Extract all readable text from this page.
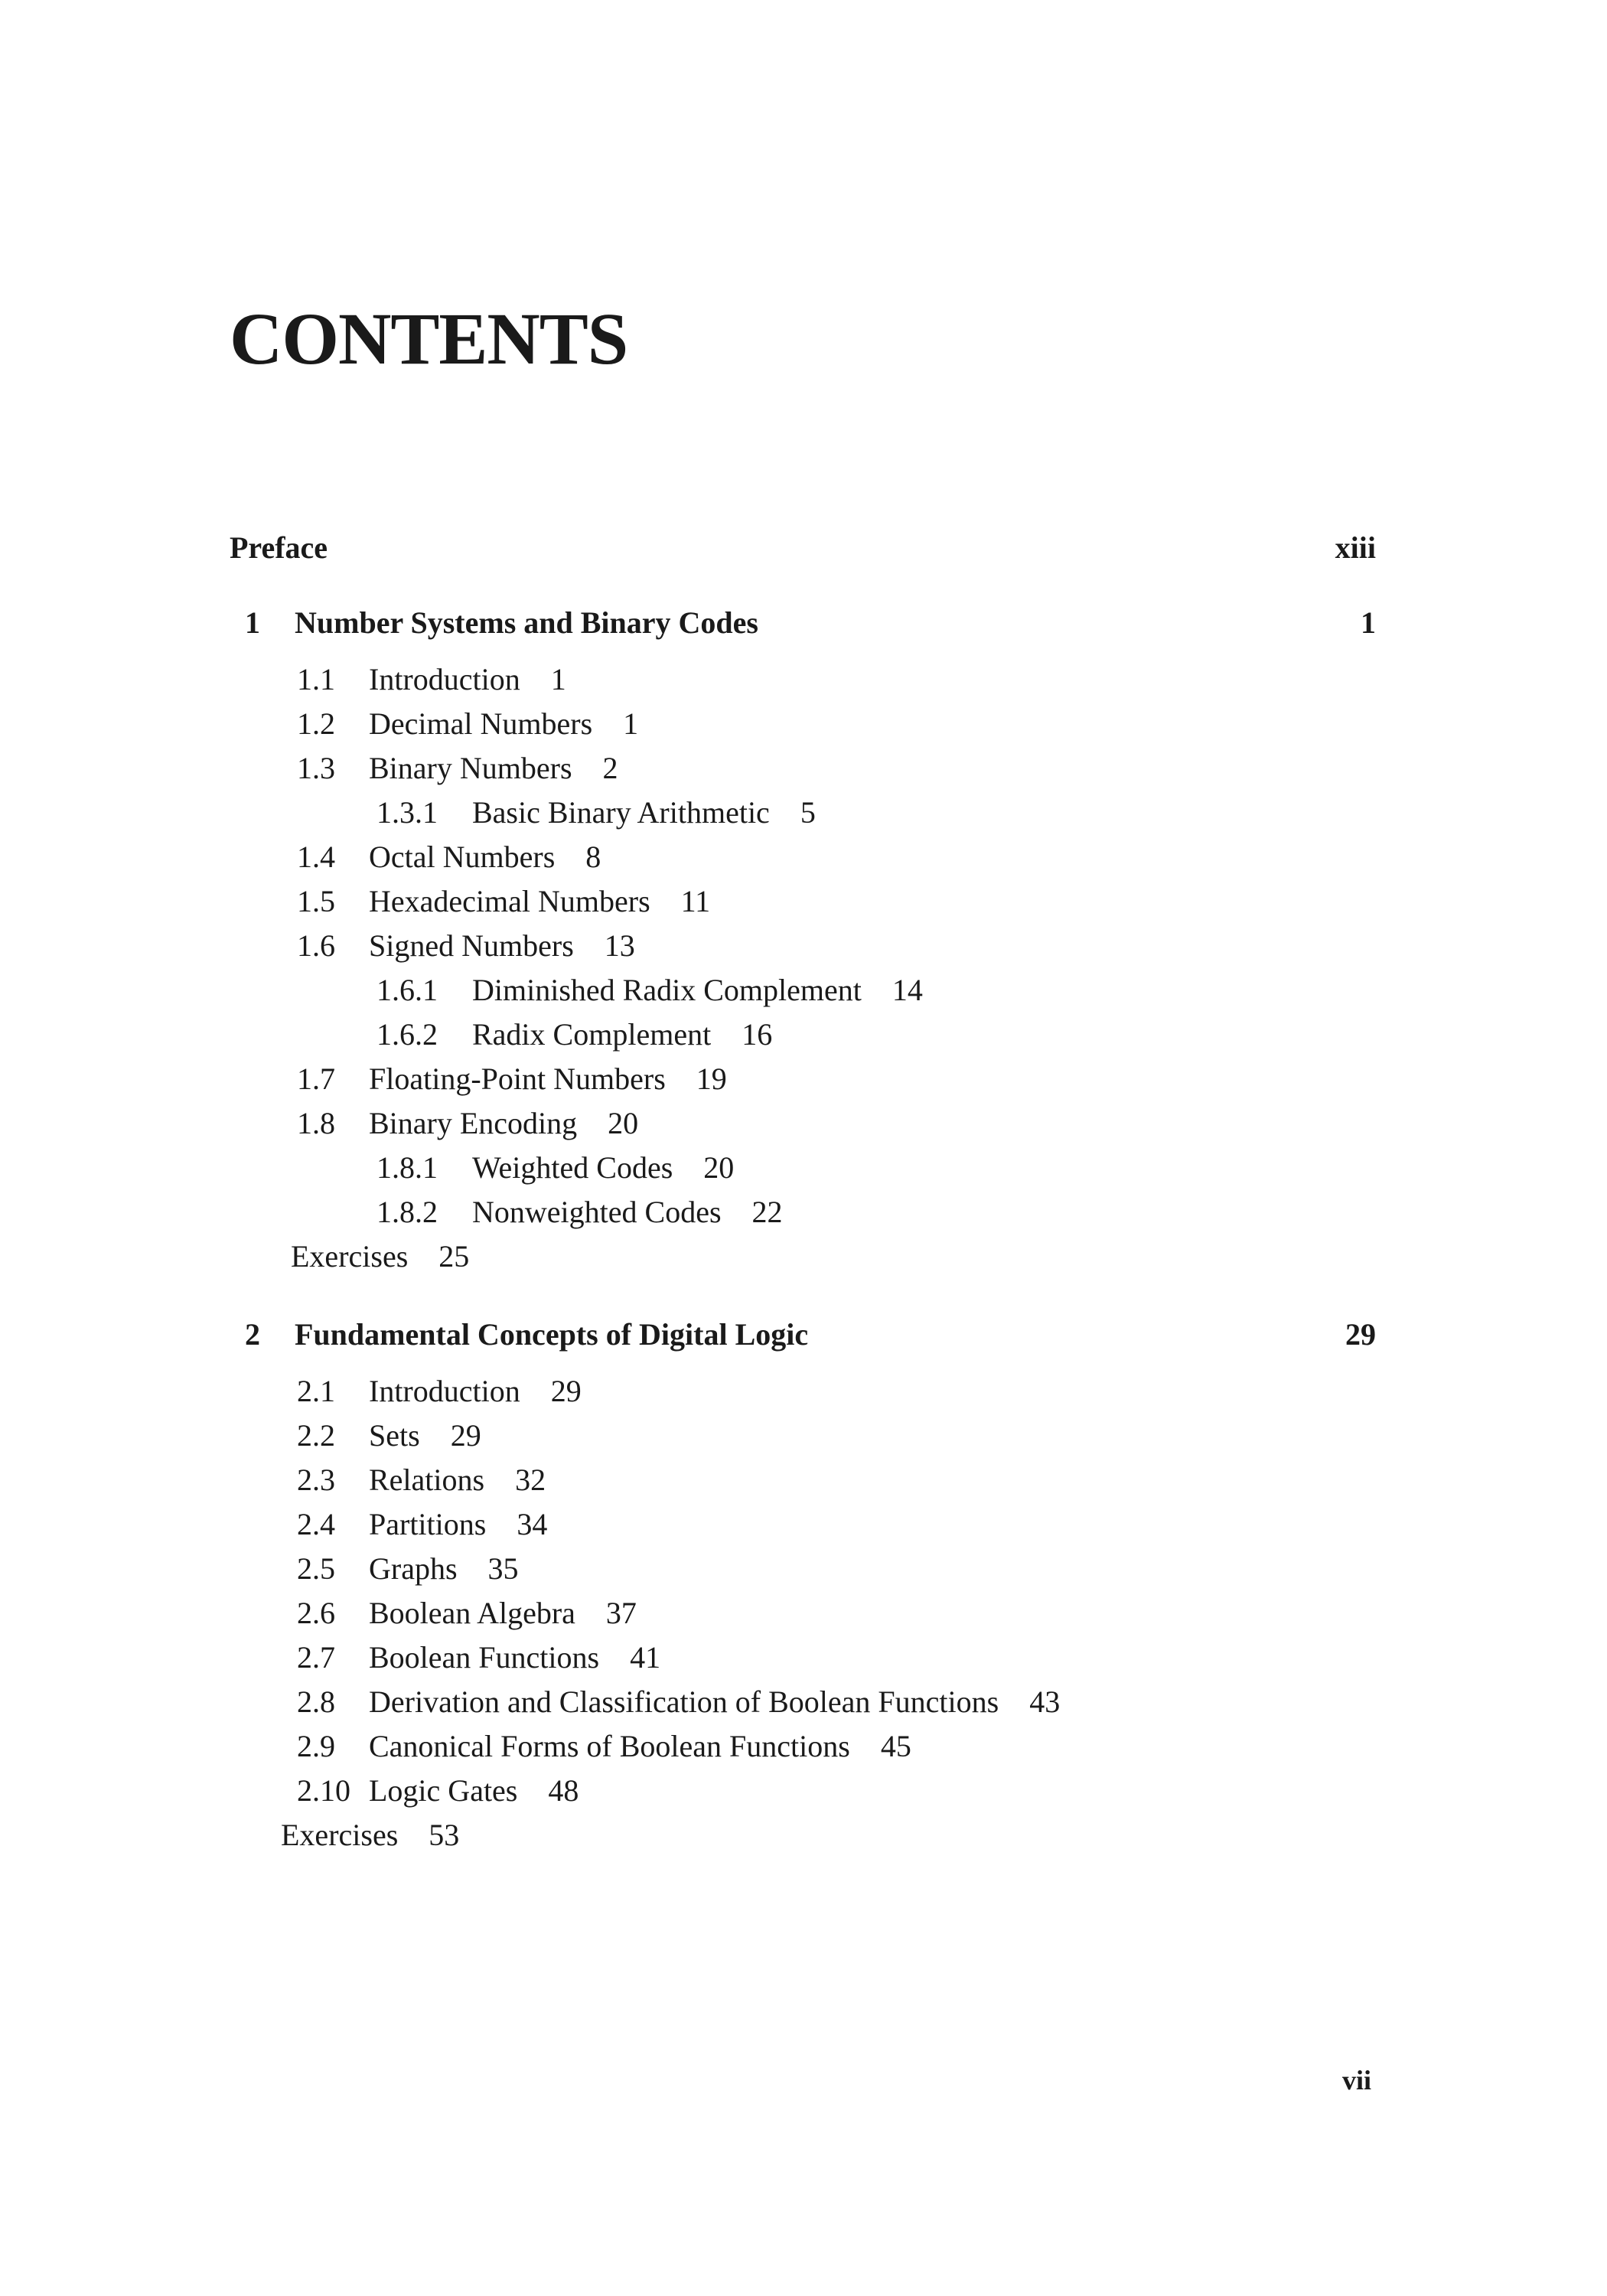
CONTENTS
Preface	xiii
1 Number Systems and Binary Codes	1
1.1 Introduction 1
1.2 Decimal Numbers 1
1.3 Binary Numbers 2
1.3.1 Basic Binary Arithmetic 5
1.4 Octal Numbers 8
1.5 Hexadecimal Numbers 11
1.6 Signed Numbers 13
1.6.1 Diminished Radix Complement 14
1.6.2 Radix Complement 16
1.7 Floating-Point Numbers 19
1.8 Binary Encoding 20
1.8.1 Weighted Codes 20
1.8.2 Nonweighted Codes 22
Exercises 25
2 Fundamental Concepts of Digital Logic	29
2.1 Introduction 29
2.2 Sets 29
2.3 Relations 32
2.4 Partitions 34
2.5 Graphs 35
2.6 Boolean Algebra 37
2.7 Boolean Functions 41
2.8 Derivation and Classification of Boolean Functions 43
2.9 Canonical Forms of Boolean Functions 45
2.10 Logic Gates 48
Exercises 53
vii
